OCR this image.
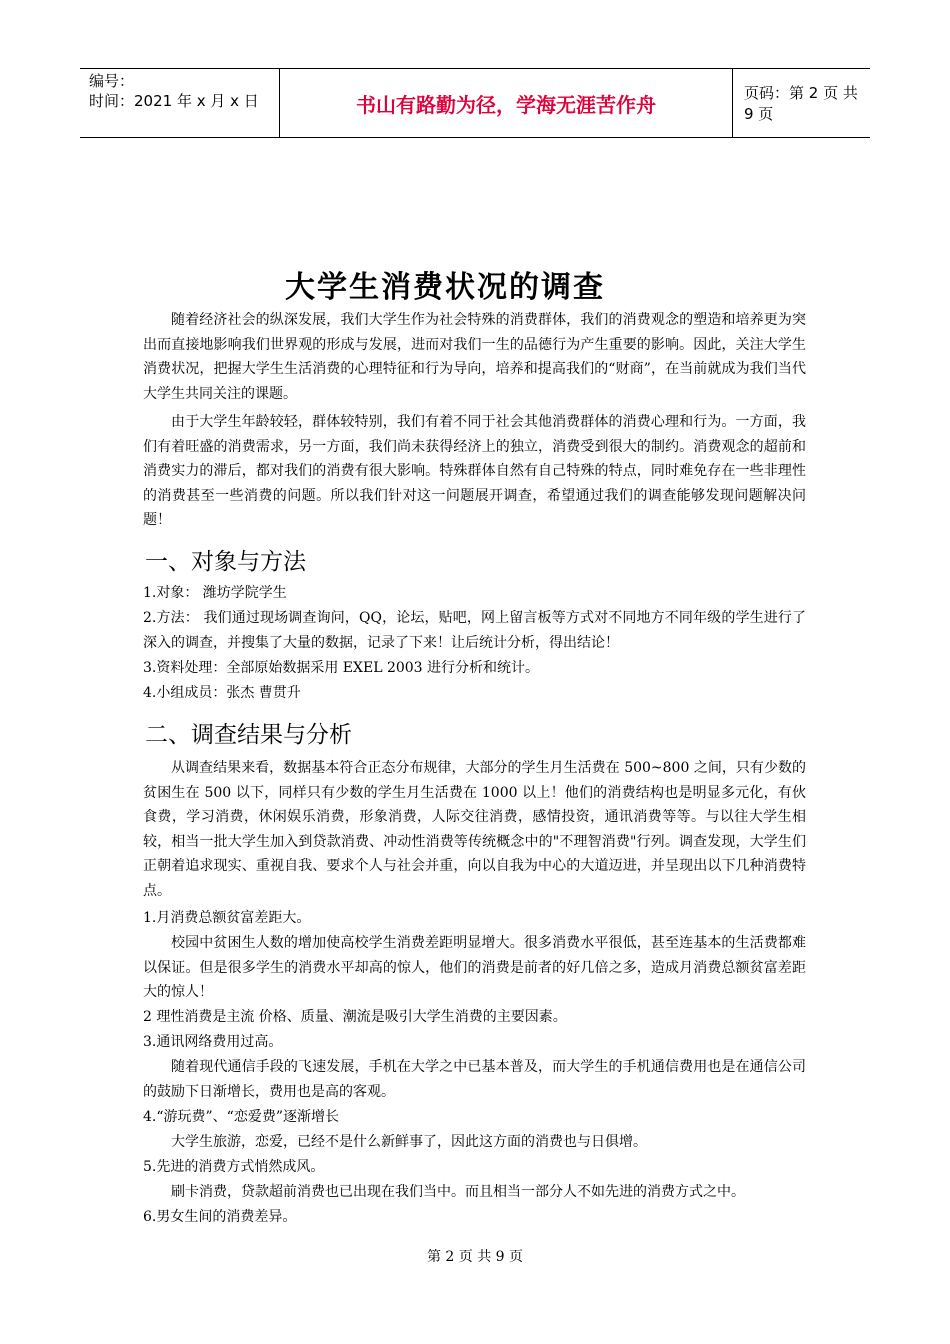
编号：
时间：2021 年 x 月 x 日	书山有路勤为径，学海无涯苦作舟	页码：第 2 页 共 9 页
大学生消费状况的调查

随着经济社会的纵深发展，我们大学生作为社会特殊的消费群体，我们的消费观念的塑造和培养更为突出而直接地影响我们世界观的形成与发展，进而对我们一生的品德行为产生重要的影响。因此，关注大学生消费状况，把握大学生生活消费的心理特征和行为导向，培养和提高我们的“财商”，在当前就成为我们当代大学生共同关注的课题。

由于大学生年龄较轻，群体较特别，我们有着不同于社会其他消费群体的消费心理和行为。一方面，我们有着旺盛的消费需求，另一方面，我们尚未获得经济上的独立，消费受到很大的制约。消费观念的超前和消费实力的滞后，都对我们的消费有很大影响。特殊群体自然有自己特殊的特点，同时难免存在一些非理性的消费甚至一些消费的问题。所以我们针对这一问题展开调查，希望通过我们的调查能够发现问题解决问题！

一、对象与方法

1.对象： 潍坊学院学生

2.方法： 我们通过现场调查询问，QQ，论坛，贴吧，网上留言板等方式对不同地方不同年级的学生进行了深入的调查，并搜集了大量的数据，记录了下来！让后统计分析，得出结论！

3.资料处理：全部原始数据采用 EXEL 2003 进行分析和统计。

4.小组成员：张杰 曹贯升

二、调查结果与分析

从调查结果来看，数据基本符合正态分布规律，大部分的学生月生活费在 500~800 之间，只有少数的贫困生在 500 以下，同样只有少数的学生月生活费在 1000 以上！他们的消费结构也是明显多元化，有伙食费，学习消费，休闲娱乐消费，形象消费，人际交往消费，感情投资，通讯消费等等。与以往大学生相较，相当一批大学生加入到贷款消费、冲动性消费等传统概念中的"不理智消费"行列。调查发现，大学生们正朝着追求现实、重视自我、要求个人与社会并重，向以自我为中心的大道迈进，并呈现出以下几种消费特点。

1.月消费总额贫富差距大。

校园中贫困生人数的增加使高校学生消费差距明显增大。很多消费水平很低，甚至连基本的生活费都难以保证。但是很多学生的消费水平却高的惊人，他们的消费是前者的好几倍之多，造成月消费总额贫富差距大的惊人！

2 理性消费是主流 价格、质量、潮流是吸引大学生消费的主要因素。

3.通讯网络费用过高。

随着现代通信手段的飞速发展，手机在大学之中已基本普及，而大学生的手机通信费用也是在通信公司的鼓励下日渐增长，费用也是高的客观。

4.“游玩费”、“恋爱费”逐渐增长

大学生旅游，恋爱，已经不是什么新鲜事了，因此这方面的消费也与日俱增。

5.先进的消费方式悄然成风。

刷卡消费，贷款超前消费也已出现在我们当中。而且相当一部分人不如先进的消费方式之中。

6.男女生间的消费差异。

第 2 页 共 9 页
